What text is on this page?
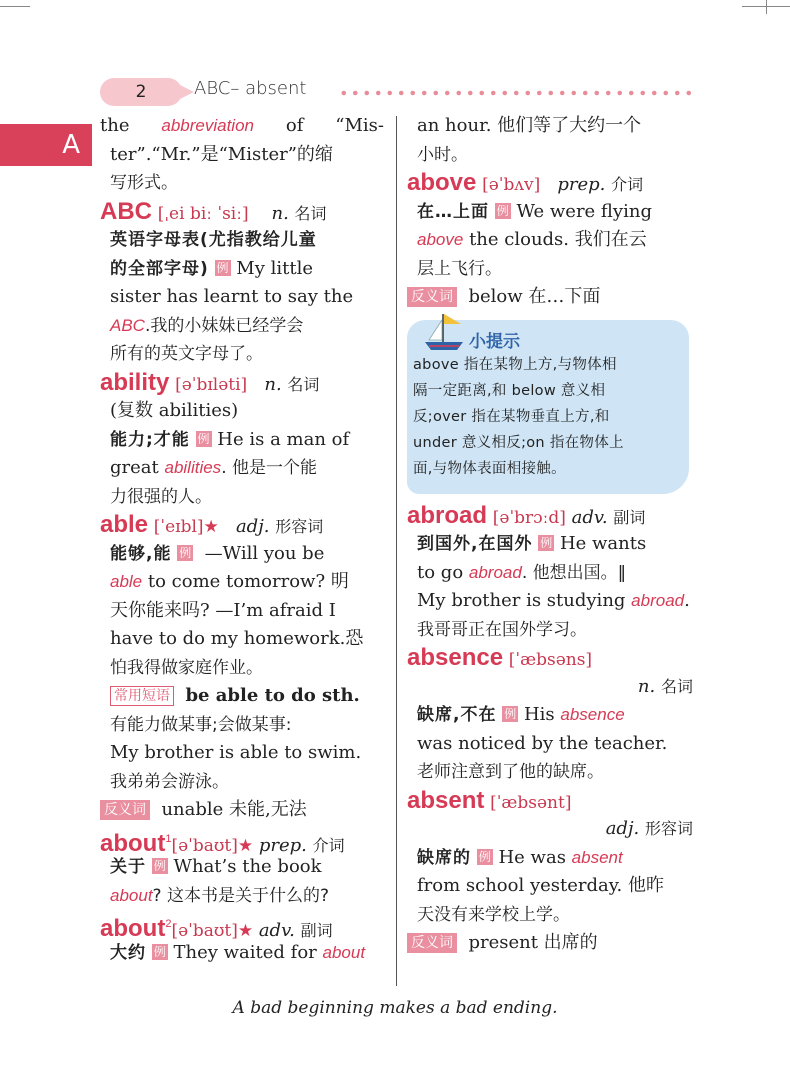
2	ABC– absent
A
the abbreviation of “Mis-
ter”.“Mr.”是“Mister”的缩
写形式。
ABC [ˌei biː ˈsiː] n. 名词
英语字母表(尤指教给儿童
的全部字母) 例 My little
sister has learnt to say the
ABC.我的小妹妹已经学会
所有的英文字母了。
ability [əˈbɪləti] n. 名词
(复数 abilities)
能力;才能 例 He is a man of
great abilities. 他是一个能
力很强的人。
able [ˈeɪbl]★ adj. 形容词
能够,能 例 —Will you be
able to come tomorrow? 明
天你能来吗? —I’m afraid I
have to do my homework.恐
怕我得做家庭作业。
常用短语 be able to do sth.
有能力做某事;会做某事:
My brother is able to swim.
我弟弟会游泳。
反义词 unable 未能,无法
about$^1$[əˈbaʊt]★ prep. 介词
关于 例 What’s the book
about? 这本书是关于什么的?
about$^2$[əˈbaʊt]★ adv. 副词
大约 例 They waited for about
an hour. 他们等了大约一个
小时。
above [əˈbʌv] prep. 介词
在…上面 例 We were flying
above the clouds. 我们在云
层上飞行。
反义词 below 在…下面
小提示
above 指在某物上方,与物体相
隔一定距离,和 below 意义相
反;over 指在某物垂直上方,和
under 意义相反;on 指在物体上
面,与物体表面相接触。
abroad [əˈbrɔːd] adv. 副词
到国外,在国外 例 He wants
to go abroad. 他想出国。‖
My brother is studying abroad.
我哥哥正在国外学习。
absence [ˈæbsəns]
n. 名词
缺席,不在 例 His absence
was noticed by the teacher.
老师注意到了他的缺席。
absent [ˈæbsənt]
adj. 形容词
缺席的 例 He was absent
from school yesterday. 他昨
天没有来学校上学。
反义词 present 出席的
A bad beginning makes a bad ending.
